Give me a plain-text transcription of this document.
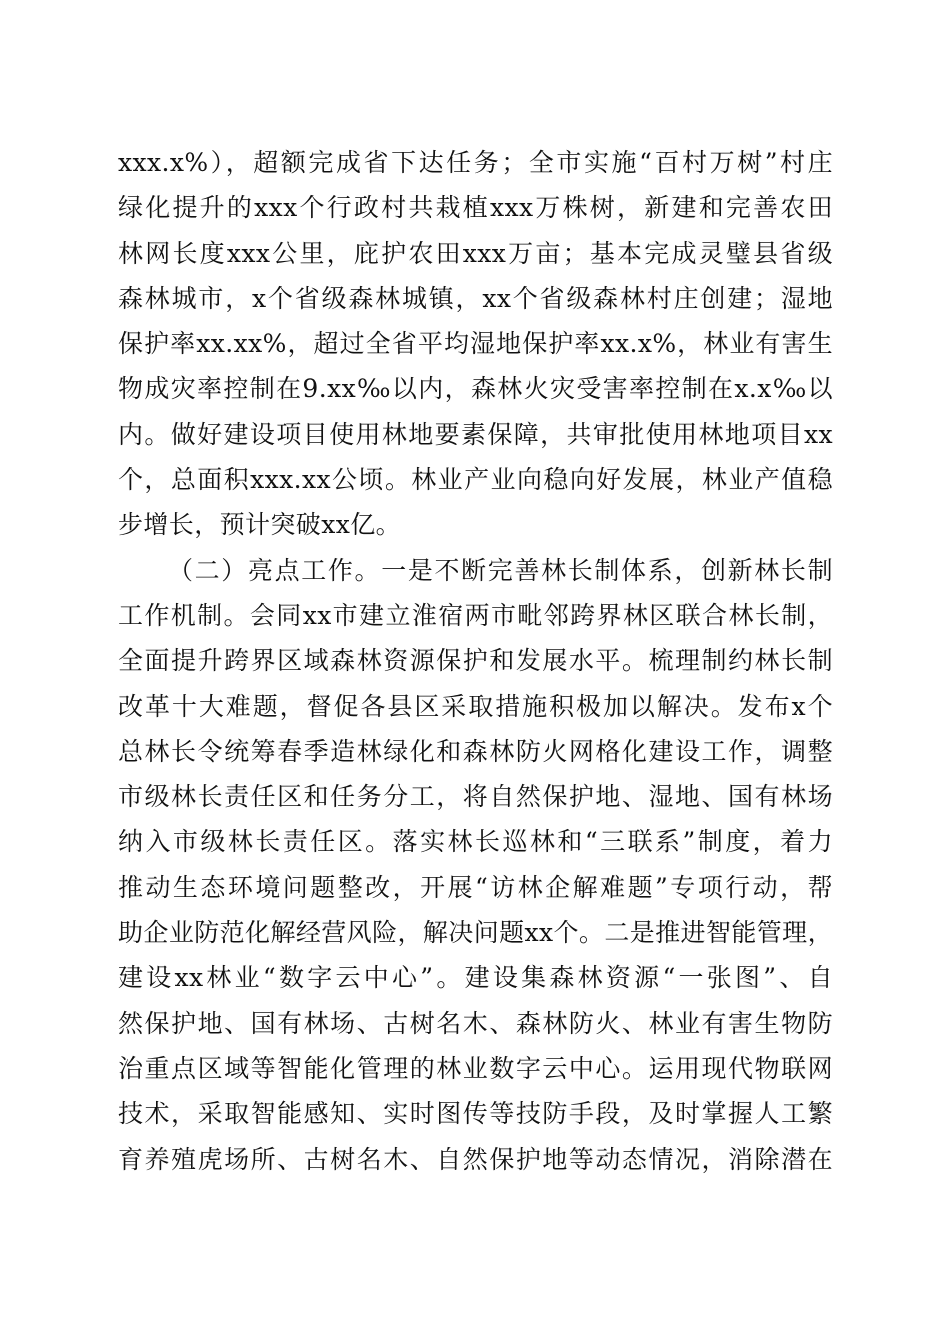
xxx.x%），超额完成省下达任务；全市实施“百村万树”村庄
绿化提升的xxx个行政村共栽植xxx万株树，新建和完善农田
林网长度xxx公里，庇护农田xxx万亩；基本完成灵璧县省级
森林城市，x个省级森林城镇，xx个省级森林村庄创建；湿地
保护率xx.xx%，超过全省平均湿地保护率xx.x%，林业有害生
物成灾率控制在9.xx‰以内，森林火灾受害率控制在x.x‰以
内。做好建设项目使用林地要素保障，共审批使用林地项目xx
个，总面积xxx.xx公顷。林业产业向稳向好发展，林业产值稳
步增长，预计突破xx亿。
（二）亮点工作。一是不断完善林长制体系，创新林长制
工作机制。会同xx市建立淮宿两市毗邻跨界林区联合林长制，
全面提升跨界区域森林资源保护和发展水平。梳理制约林长制
改革十大难题，督促各县区采取措施积极加以解决。发布x个
总林长令统筹春季造林绿化和森林防火网格化建设工作，调整
市级林长责任区和任务分工，将自然保护地、湿地、国有林场
纳入市级林长责任区。落实林长巡林和“三联系”制度，着力
推动生态环境问题整改，开展“访林企解难题”专项行动，帮
助企业防范化解经营风险，解决问题xx个。二是推进智能管理，
建设xx林业“数字云中心”。建设集森林资源“一张图”、自
然保护地、国有林场、古树名木、森林防火、林业有害生物防
治重点区域等智能化管理的林业数字云中心。运用现代物联网
技术，采取智能感知、实时图传等技防手段，及时掌握人工繁
育养殖虎场所、古树名木、自然保护地等动态情况，消除潜在
